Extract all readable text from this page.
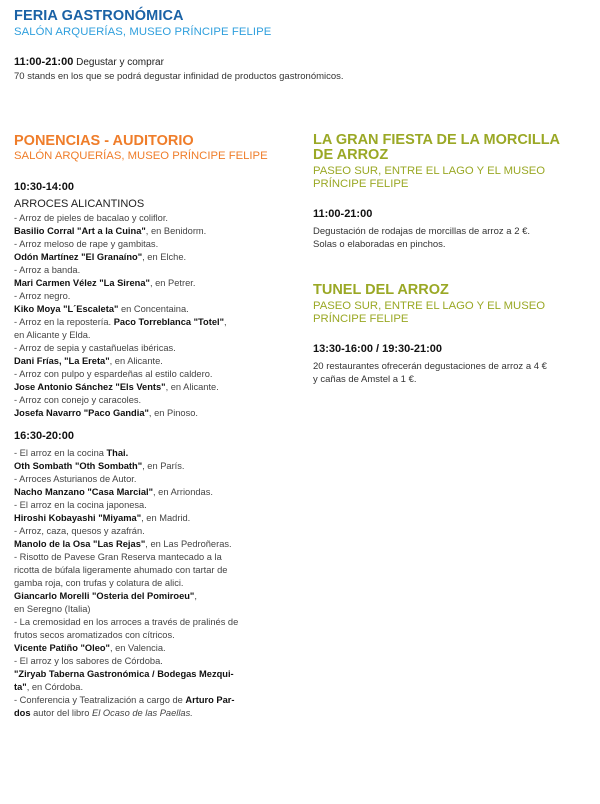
FERIA GASTRONÓMICA
SALÓN ARQUERÍAS, MUSEO PRÍNCIPE FELIPE
11:00-21:00 Degustar y comprar
70 stands en los que se podrá degustar infinidad de productos gastronómicos.
PONENCIAS - AUDITORIO
SALÓN ARQUERÍAS, MUSEO PRÍNCIPE FELIPE
10:30-14:00
ARROCES ALICANTINOS
- Arroz de pieles de bacalao y coliflor.
Basilio Corral "Art a la Cuina", en Benidorm.
- Arroz meloso de rape y gambitas.
Odón Martínez "El Granaíno", en Elche.
- Arroz a banda.
Mari Carmen Vélez "La Sirena", en Petrer.
- Arroz negro.
Kiko Moya "L´Escaleta" en Concentaina.
- Arroz en la repostería. Paco Torreblanca "Totel",
en Alicante y Elda.
- Arroz de sepia y castañuelas ibéricas.
Dani Frías, "La Ereta", en Alicante.
- Arroz con pulpo y espardeñas al estilo caldero.
Jose Antonio Sánchez "Els Vents", en Alicante.
- Arroz con conejo y caracoles.
Josefa Navarro "Paco Gandia", en Pinoso.
16:30-20:00
- El arroz en la cocina Thai.
Oth Sombath "Oth Sombath", en París.
- Arroces Asturianos de Autor.
Nacho Manzano "Casa Marcial", en Arriondas.
- El arroz en la cocina japonesa.
Hiroshi Kobayashi "Miyama", en Madrid.
- Arroz, caza, quesos y azafrán.
Manolo de la Osa "Las Rejas", en Las Pedroñeras.
- Risotto de Pavese Gran Reserva mantecado a la
ricotta de búfala ligeramente ahumado con tartar de
gamba roja, con trufas y colatura de alici.
Giancarlo Morelli "Osteria del Pomiroeu",
en Seregno (Italia)
- La cremosidad en los arroces a través de pralinés de
frutos secos aromatizados con cítricos.
Vicente Patiño "Oleo", en Valencia.
- El arroz y los sabores de Córdoba.
"Ziryab Taberna Gastronómica / Bodegas Mezqui-
ta", en Córdoba.
- Conferencia y Teatralización a cargo de Arturo Par-
dos autor del libro El Ocaso de las Paellas.
LA GRAN FIESTA DE LA MORCILLA
DE ARROZ
PASEO SUR, ENTRE EL LAGO Y EL MUSEO
PRÍNCIPE FELIPE
11:00-21:00
Degustación de rodajas de morcillas de arroz a 2 €.
Solas o elaboradas en pinchos.
TUNEL DEL ARROZ
PASEO SUR, ENTRE EL LAGO Y EL MUSEO
PRÍNCIPE FELIPE
13:30-16:00 / 19:30-21:00
20 restaurantes ofrecerán degustaciones de arroz a 4 €
y cañas de Amstel a 1 €.
